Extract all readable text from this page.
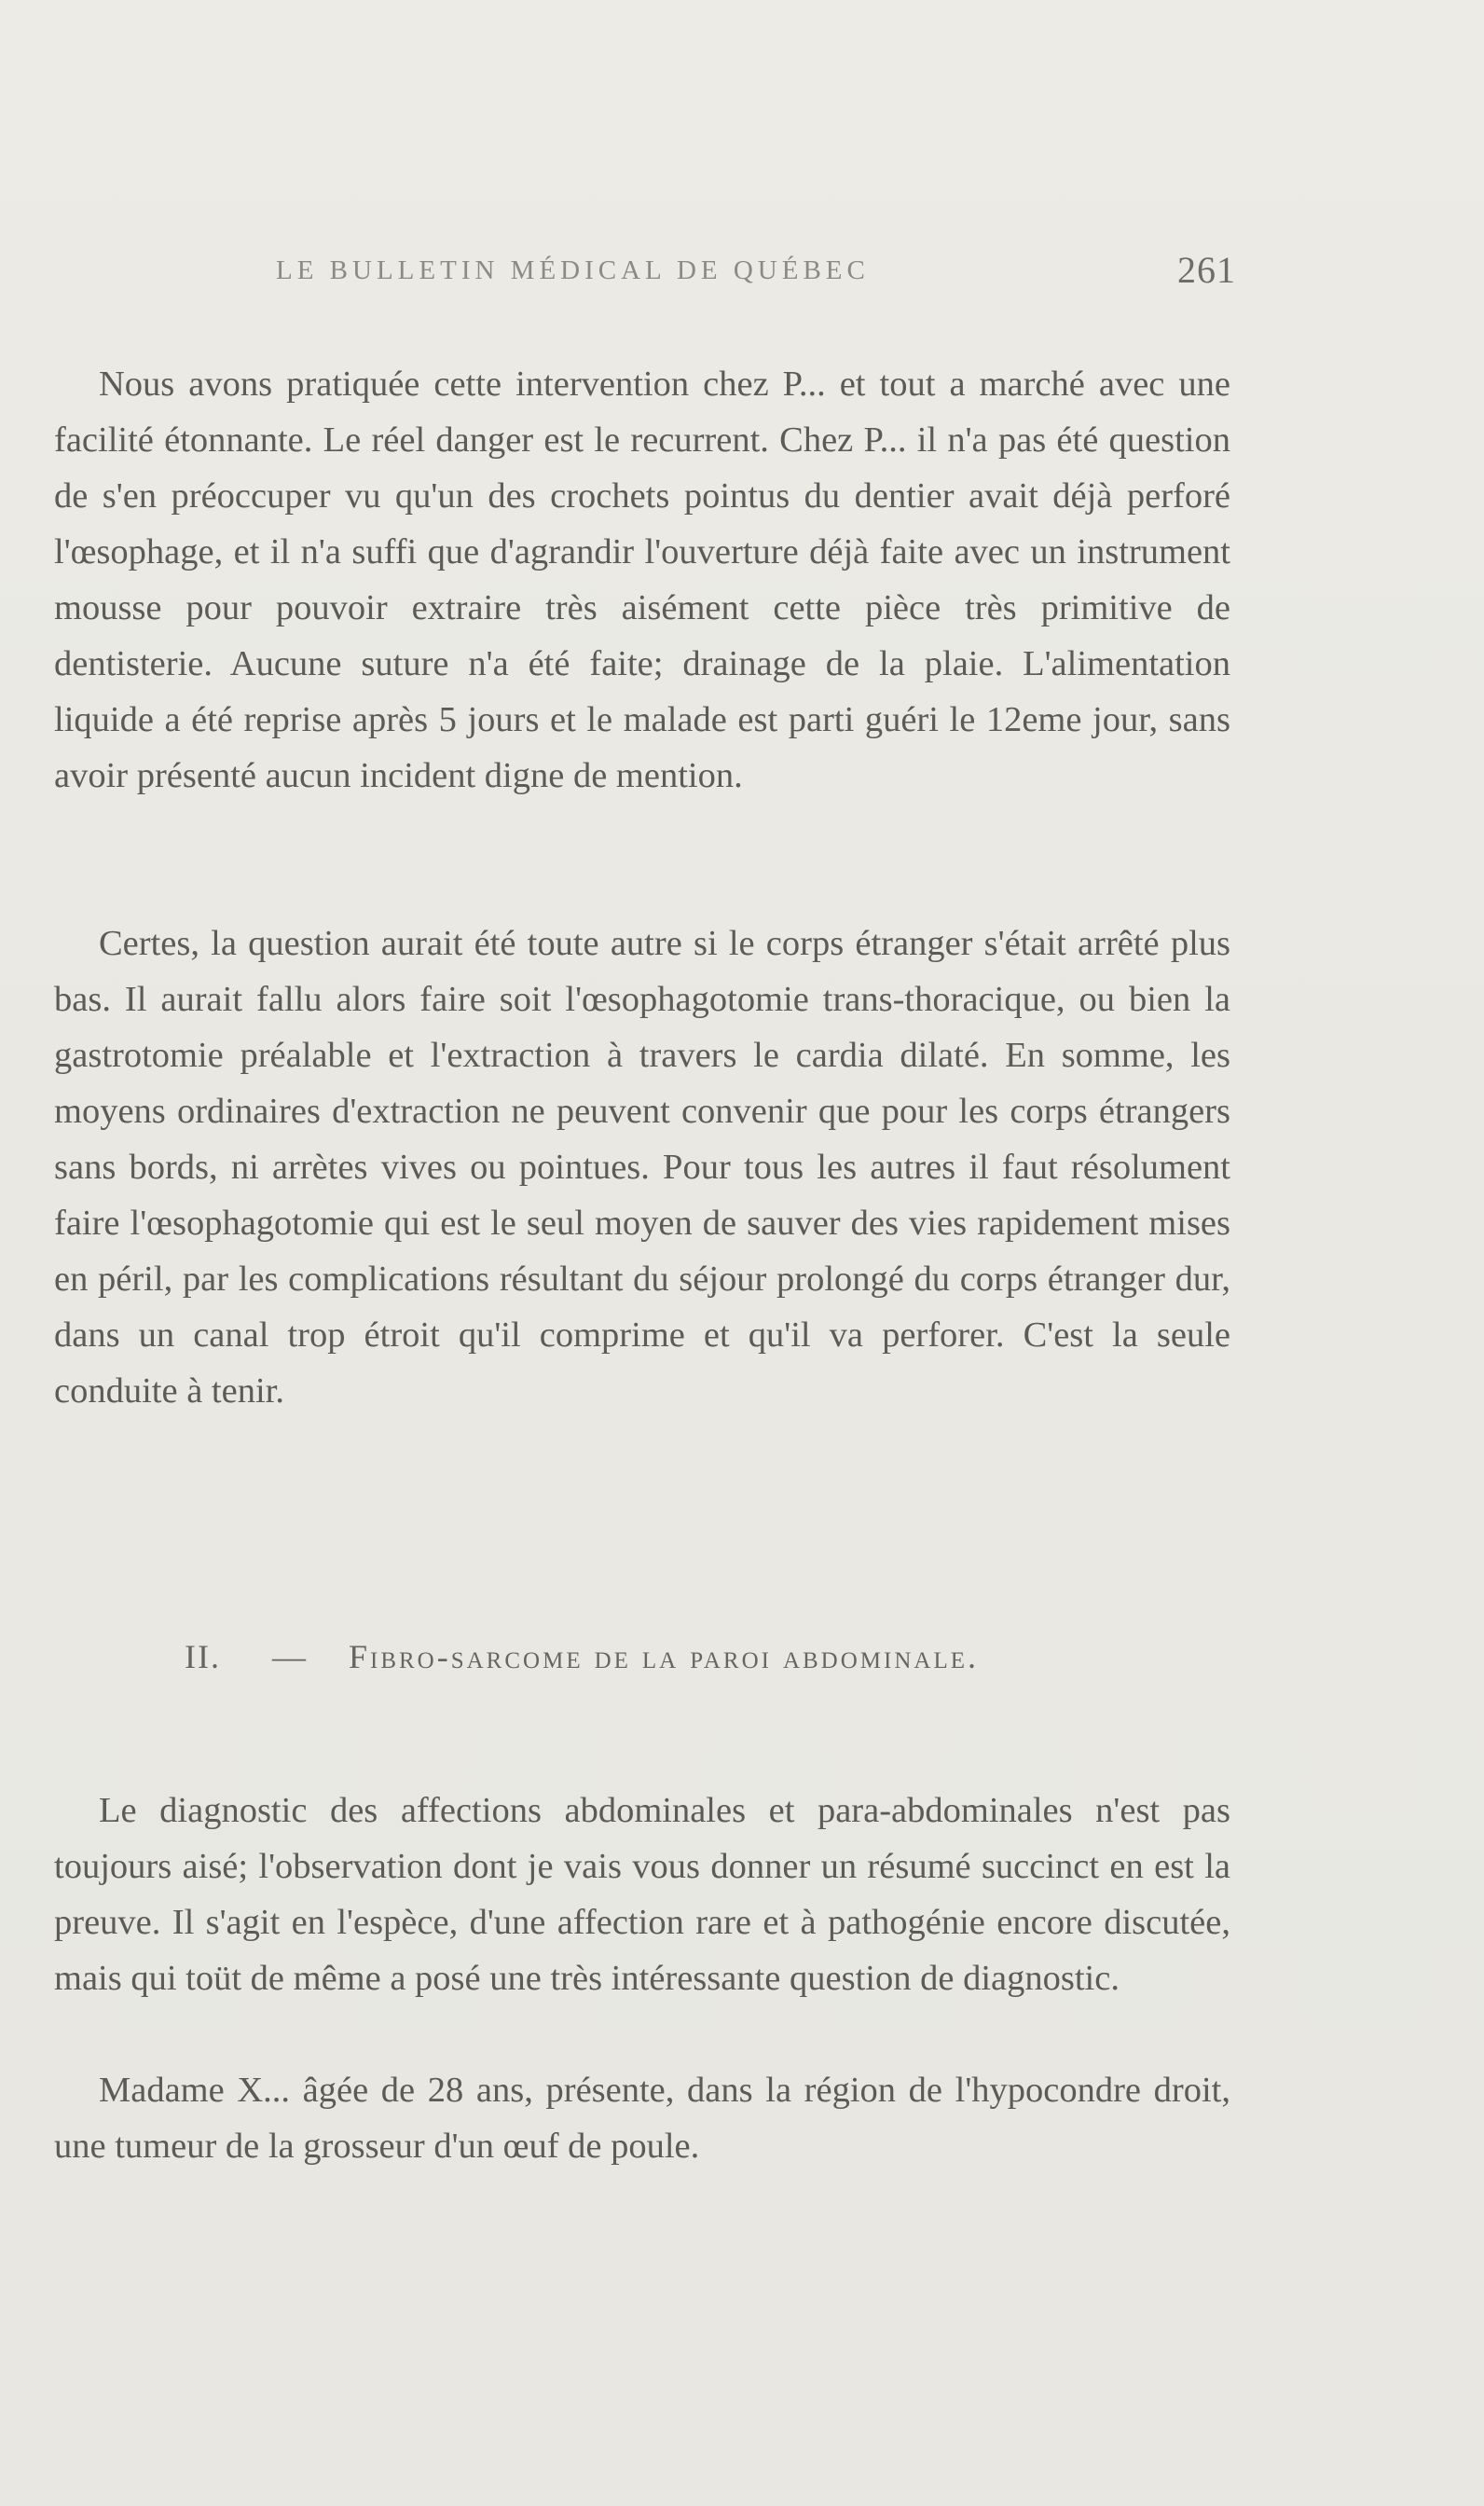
LE BULLETIN MÉDICAL DE QUÉBEC	261

Nous avons pratiquée cette intervention chez P... et tout a marché avec une facilité étonnante. Le réel danger est le recurrent. Chez P... il n'a pas été question de s'en préoccuper vu qu'un des crochets pointus du dentier avait déjà perforé l'œsophage, et il n'a suffi que d'agrandir l'ouverture déjà faite avec un instrument mousse pour pouvoir extraire très aisément cette pièce très primitive de dentisterie. Aucune suture n'a été faite; drainage de la plaie. L'alimentation liquide a été reprise après 5 jours et le malade est parti guéri le 12eme jour, sans avoir présenté aucun incident digne de mention.

Certes, la question aurait été toute autre si le corps étranger s'était arrêté plus bas. Il aurait fallu alors faire soit l'œsophagotomie trans-thoracique, ou bien la gastrotomie préalable et l'extraction à travers le cardia dilaté. En somme, les moyens ordinaires d'extraction ne peuvent convenir que pour les corps étrangers sans bords, ni arrètes vives ou pointues. Pour tous les autres il faut résolument faire l'œsophagotomie qui est le seul moyen de sauver des vies rapidement mises en péril, par les complications résultant du séjour prolongé du corps étranger dur, dans un canal trop étroit qu'il comprime et qu'il va perforer. C'est la seule conduite à tenir.

II. — Fibro-sarcome de la paroi abdominale.

Le diagnostic des affections abdominales et para-abdominales n'est pas toujours aisé; l'observation dont je vais vous donner un résumé succinct en est la preuve. Il s'agit en l'espèce, d'une affection rare et à pathogénie encore discutée, mais qui toüt de même a posé une très intéressante question de diagnostic.

Madame X... âgée de 28 ans, présente, dans la région de l'hypocondre droit, une tumeur de la grosseur d'un œuf de poule.
